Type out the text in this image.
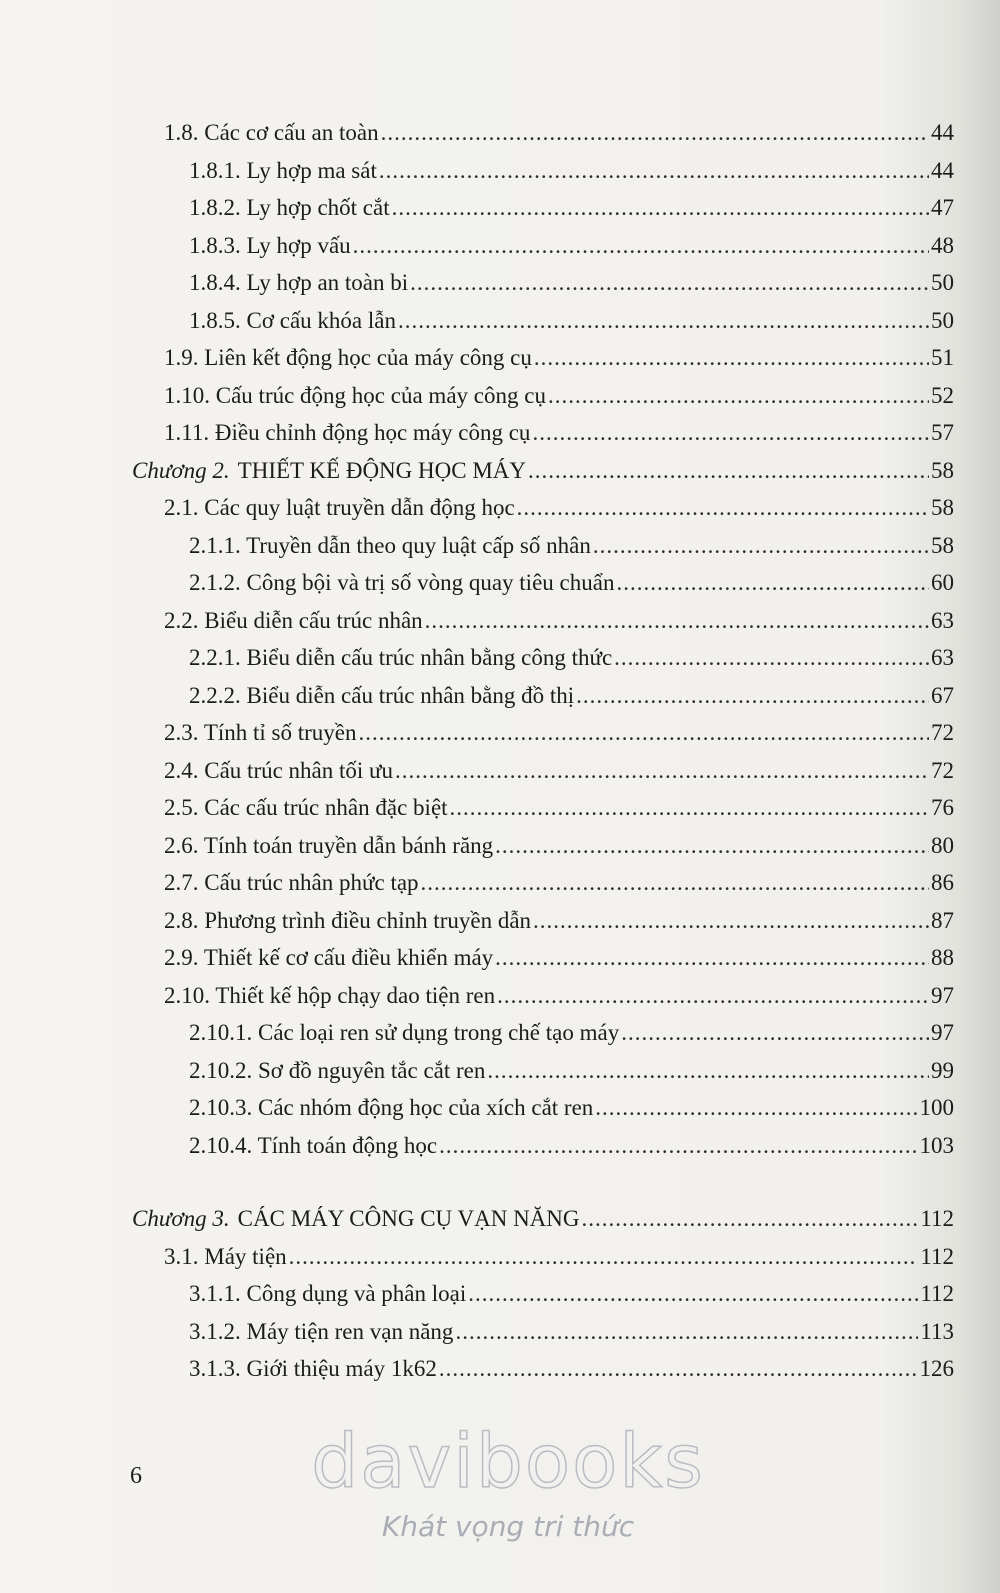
1.8. Các cơ cấu an toàn .....	44
1.8.1. Ly hợp ma sát .....	44
1.8.2. Ly hợp chốt cắt .....	47
1.8.3. Ly hợp vấu .....	48
1.8.4. Ly hợp an toàn bi .....	50
1.8.5. Cơ cấu khóa lẫn .....	50
1.9. Liên kết động học của máy công cụ .....	51
1.10. Cấu trúc động học của máy công cụ .....	52
1.11. Điều chỉnh động học máy công cụ .....	57
Chương 2. THIẾT KẾ ĐỘNG HỌC MÁY .....	58
2.1. Các quy luật truyền dẫn động học .....	58
2.1.1. Truyền dẫn theo quy luật cấp số nhân .....	58
2.1.2. Công bội và trị số vòng quay tiêu chuẩn .....	60
2.2. Biểu diễn cấu trúc nhân .....	63
2.2.1. Biểu diễn cấu trúc nhân bằng công thức .....	63
2.2.2. Biểu diễn cấu trúc nhân bằng đồ thị .....	67
2.3. Tính tỉ số truyền .....	72
2.4. Cấu trúc nhân tối ưu .....	72
2.5. Các cấu trúc nhân đặc biệt .....	76
2.6. Tính toán truyền dẫn bánh răng .....	80
2.7. Cấu trúc nhân phức tạp .....	86
2.8. Phương trình điều chỉnh truyền dẫn .....	87
2.9. Thiết kế cơ cấu điều khiển máy .....	88
2.10. Thiết kế hộp chạy dao tiện ren .....	97
2.10.1. Các loại ren sử dụng trong chế tạo máy .....	97
2.10.2. Sơ đồ nguyên tắc cắt ren .....	99
2.10.3. Các nhóm động học của xích cắt ren .....	100
2.10.4. Tính toán động học .....	103
Chương 3. CÁC MÁY CÔNG CỤ VẠN NĂNG .....	112
3.1. Máy tiện .....	112
3.1.1. Công dụng và phân loại .....	112
3.1.2. Máy tiện ren vạn năng .....	113
3.1.3. Giới thiệu máy 1k62 .....	126
6 davibooks
Khát vọng tri thức
